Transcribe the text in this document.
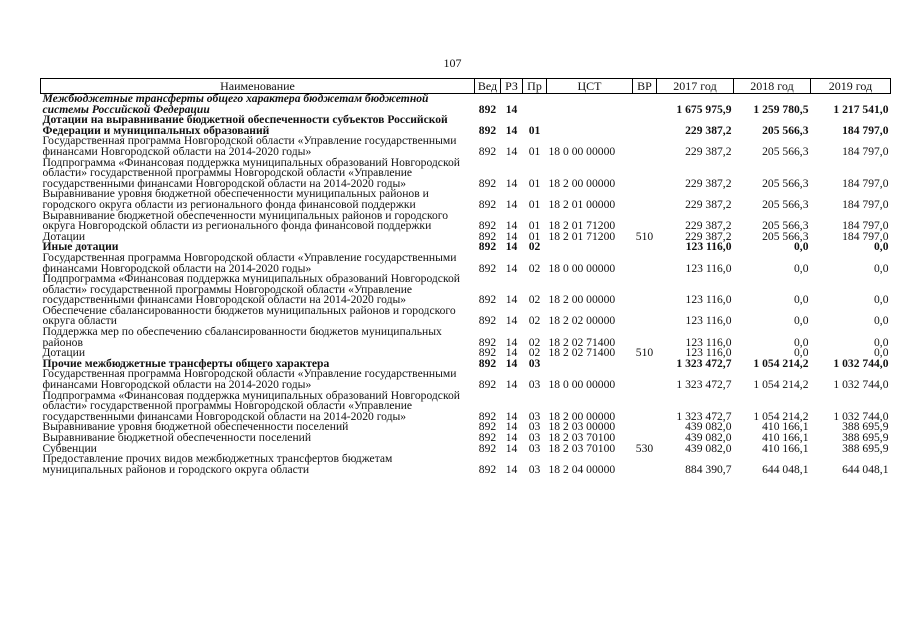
107
Наименование	Вед	РЗ	Пр	ЦСТ	ВР	2017 год	2018 год	2019 год
Межбюджетные трансферты общего характера бюджетам бюджетной системы Российской Федерации	892	14				1 675 975,9	1 259 780,5	1 217 541,0
Дотации на выравнивание бюджетной обеспеченности субъектов Российской Федерации и муниципальных образований	892	14	01			229 387,2	205 566,3	184 797,0
Государственная программа Новгородской области «Управление государственными финансами Новгородской области на 2014-2020 годы»	892	14	01	18 0 00 00000		229 387,2	205 566,3	184 797,0
Подпрограмма «Финансовая поддержка муниципальных образований Новгородской области» государственной программы Новгородской области «Управление государственными финансами Новгородской области на 2014-2020 годы»	892	14	01	18 2 00 00000		229 387,2	205 566,3	184 797,0
Выравнивание уровня бюджетной обеспеченности муниципальных районов и городского округа области из регионального фонда финансовой поддержки	892	14	01	18 2 01 00000		229 387,2	205 566,3	184 797,0
Выравнивание бюджетной обеспеченности муниципальных районов и городского округа Новгородской области из регионального фонда финансовой поддержки	892	14	01	18 2 01 71200		229 387,2	205 566,3	184 797,0
Дотации	892	14	01	18 2 01 71200	510	229 387,2	205 566,3	184 797,0
Иные дотации	892	14	02			123 116,0	0,0	0,0
Государственная программа Новгородской области «Управление государственными финансами Новгородской области на 2014-2020 годы»	892	14	02	18 0 00 00000		123 116,0	0,0	0,0
Подпрограмма «Финансовая поддержка муниципальных образований Новгородской области» государственной программы Новгородской области «Управление государственными финансами Новгородской области на 2014-2020 годы»	892	14	02	18 2 00 00000		123 116,0	0,0	0,0
Обеспечение сбалансированности бюджетов муниципальных районов и городского округа области	892	14	02	18 2 02 00000		123 116,0	0,0	0,0
Поддержка мер по обеспечению сбалансированности бюджетов муниципальных районов	892	14	02	18 2 02 71400		123 116,0	0,0	0,0
Дотации	892	14	02	18 2 02 71400	510	123 116,0	0,0	0,0
Прочие межбюджетные трансферты общего характера	892	14	03			1 323 472,7	1 054 214,2	1 032 744,0
Государственная программа Новгородской области «Управление государственными финансами Новгородской области на 2014-2020 годы»	892	14	03	18 0 00 00000		1 323 472,7	1 054 214,2	1 032 744,0
Подпрограмма «Финансовая поддержка муниципальных образований Новгородской области» государственной программы Новгородской области «Управление государственными финансами Новгородской области на 2014-2020 годы»	892	14	03	18 2 00 00000		1 323 472,7	1 054 214,2	1 032 744,0
Выравнивание уровня бюджетной обеспеченности поселений	892	14	03	18 2 03 00000		439 082,0	410 166,1	388 695,9
Выравнивание бюджетной обеспеченности поселений	892	14	03	18 2 03 70100		439 082,0	410 166,1	388 695,9
Субвенции	892	14	03	18 2 03 70100	530	439 082,0	410 166,1	388 695,9
Предоставление прочих видов межбюджетных трансфертов бюджетам муниципальных районов и городского округа области	892	14	03	18 2 04 00000		884 390,7	644 048,1	644 048,1
